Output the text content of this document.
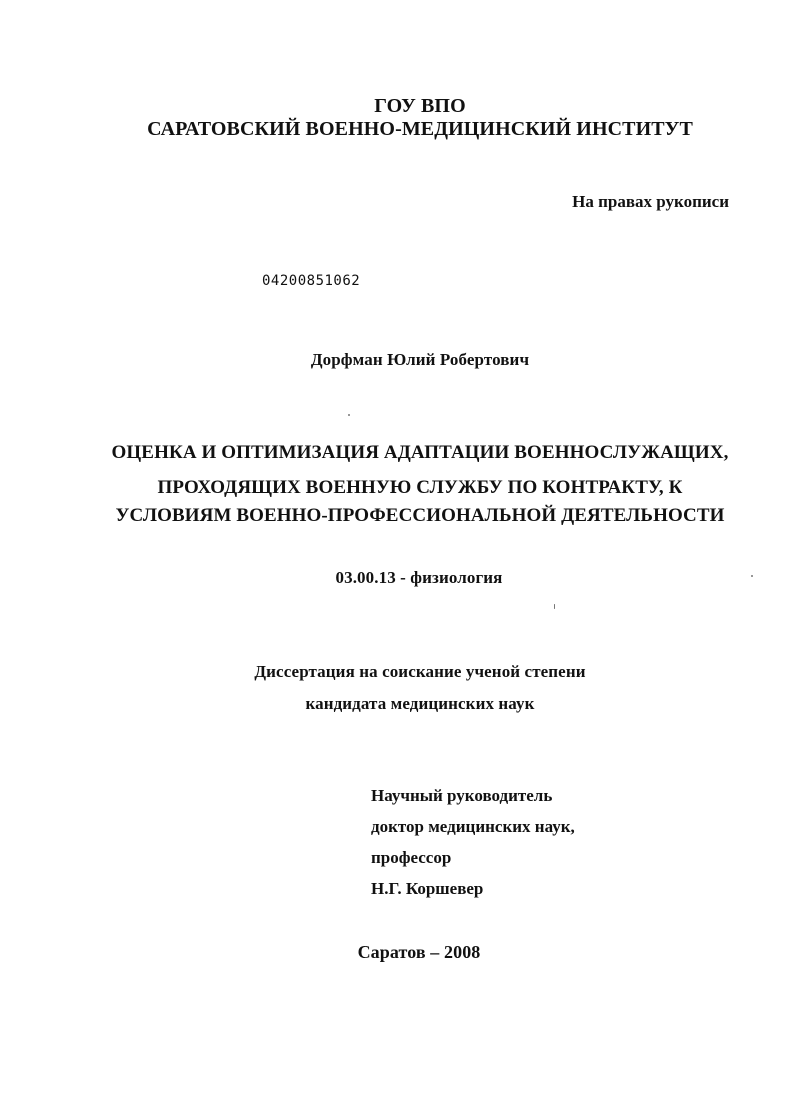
ГОУ ВПО
САРАТОВСКИЙ ВОЕННО-МЕДИЦИНСКИЙ ИНСТИТУТ
На правах рукописи
04200851062
Дорфман Юлий Робертович
ОЦЕНКА И ОПТИМИЗАЦИЯ АДАПТАЦИИ ВОЕННОСЛУЖАЩИХ,
ПРОХОДЯЩИХ ВОЕННУЮ СЛУЖБУ ПО КОНТРАКТУ, К
УСЛОВИЯМ ВОЕННО-ПРОФЕССИОНАЛЬНОЙ ДЕЯТЕЛЬНОСТИ
03.00.13 - физиология
Диссертация на соискание ученой степени
кандидата медицинских наук
Научный руководитель
доктор медицинских наук,
профессор
Н.Г. Коршевер
Саратов – 2008
